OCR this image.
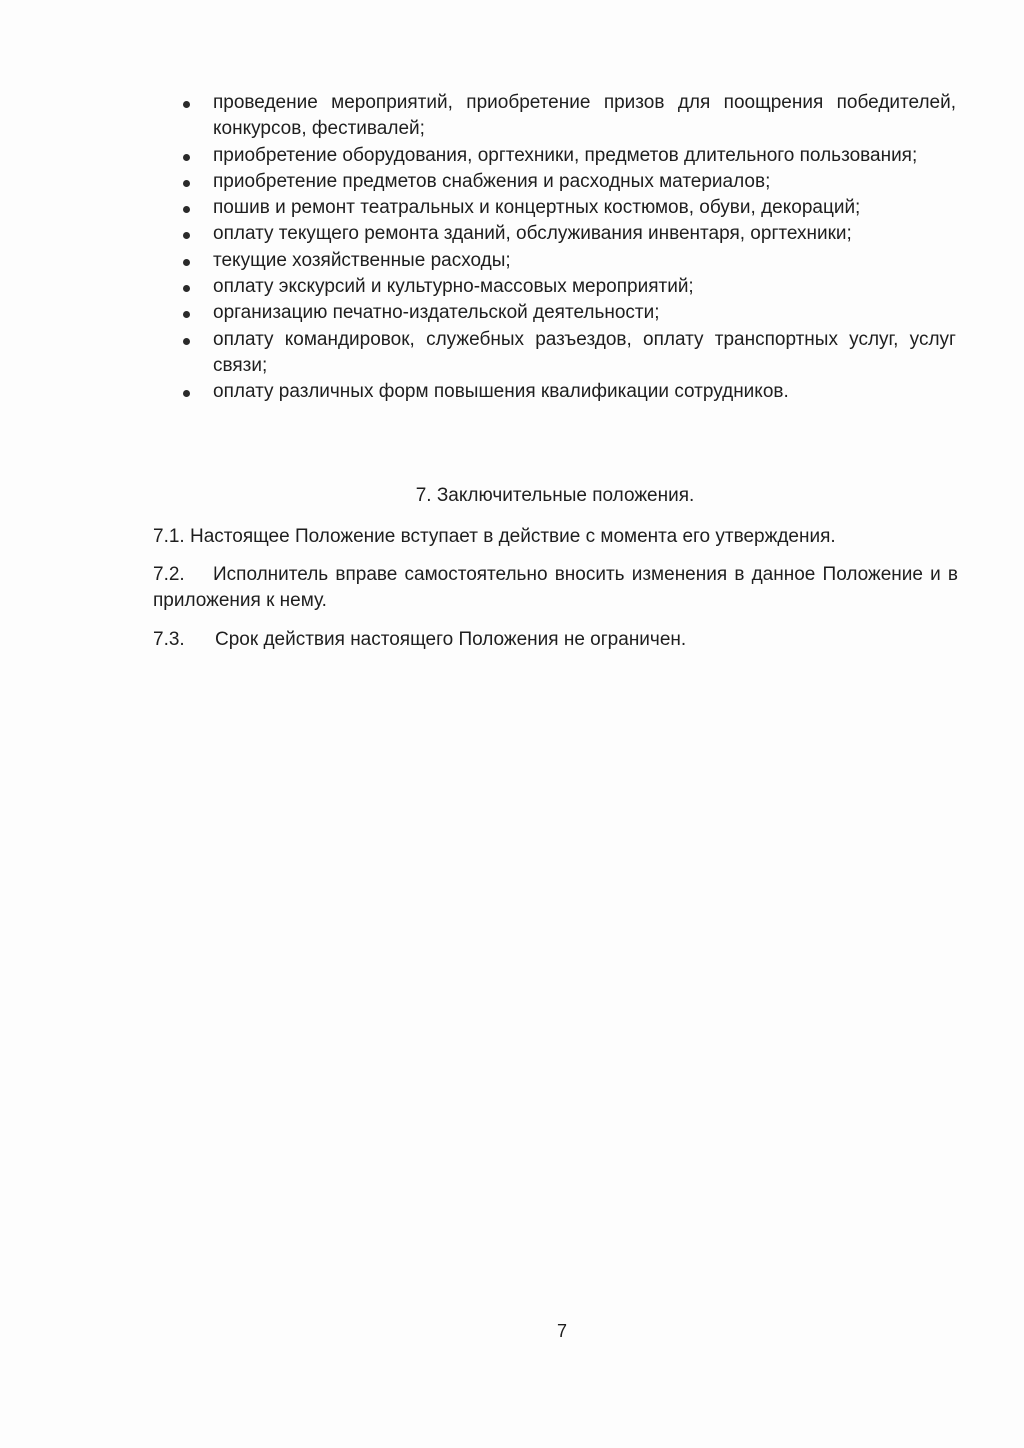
проведение мероприятий, приобретение призов для поощрения победителей, конкурсов, фестивалей;
приобретение оборудования, оргтехники, предметов длительного пользования;
приобретение предметов снабжения и расходных материалов;
пошив и ремонт театральных и концертных костюмов, обуви, декораций;
оплату текущего ремонта зданий, обслуживания инвентаря, оргтехники;
текущие хозяйственные расходы;
оплату экскурсий и культурно-массовых мероприятий;
организацию печатно-издательской деятельности;
оплату командировок, служебных разъездов, оплату транспортных услуг, услуг связи;
оплату различных форм повышения квалификации сотрудников.
7. Заключительные положения.
7.1. Настоящее Положение вступает в действие с момента его утверждения.
7.2. Исполнитель вправе самостоятельно вносить изменения в данное Положение и в приложения к нему.
7.3. Срок действия настоящего Положения не ограничен.
7
